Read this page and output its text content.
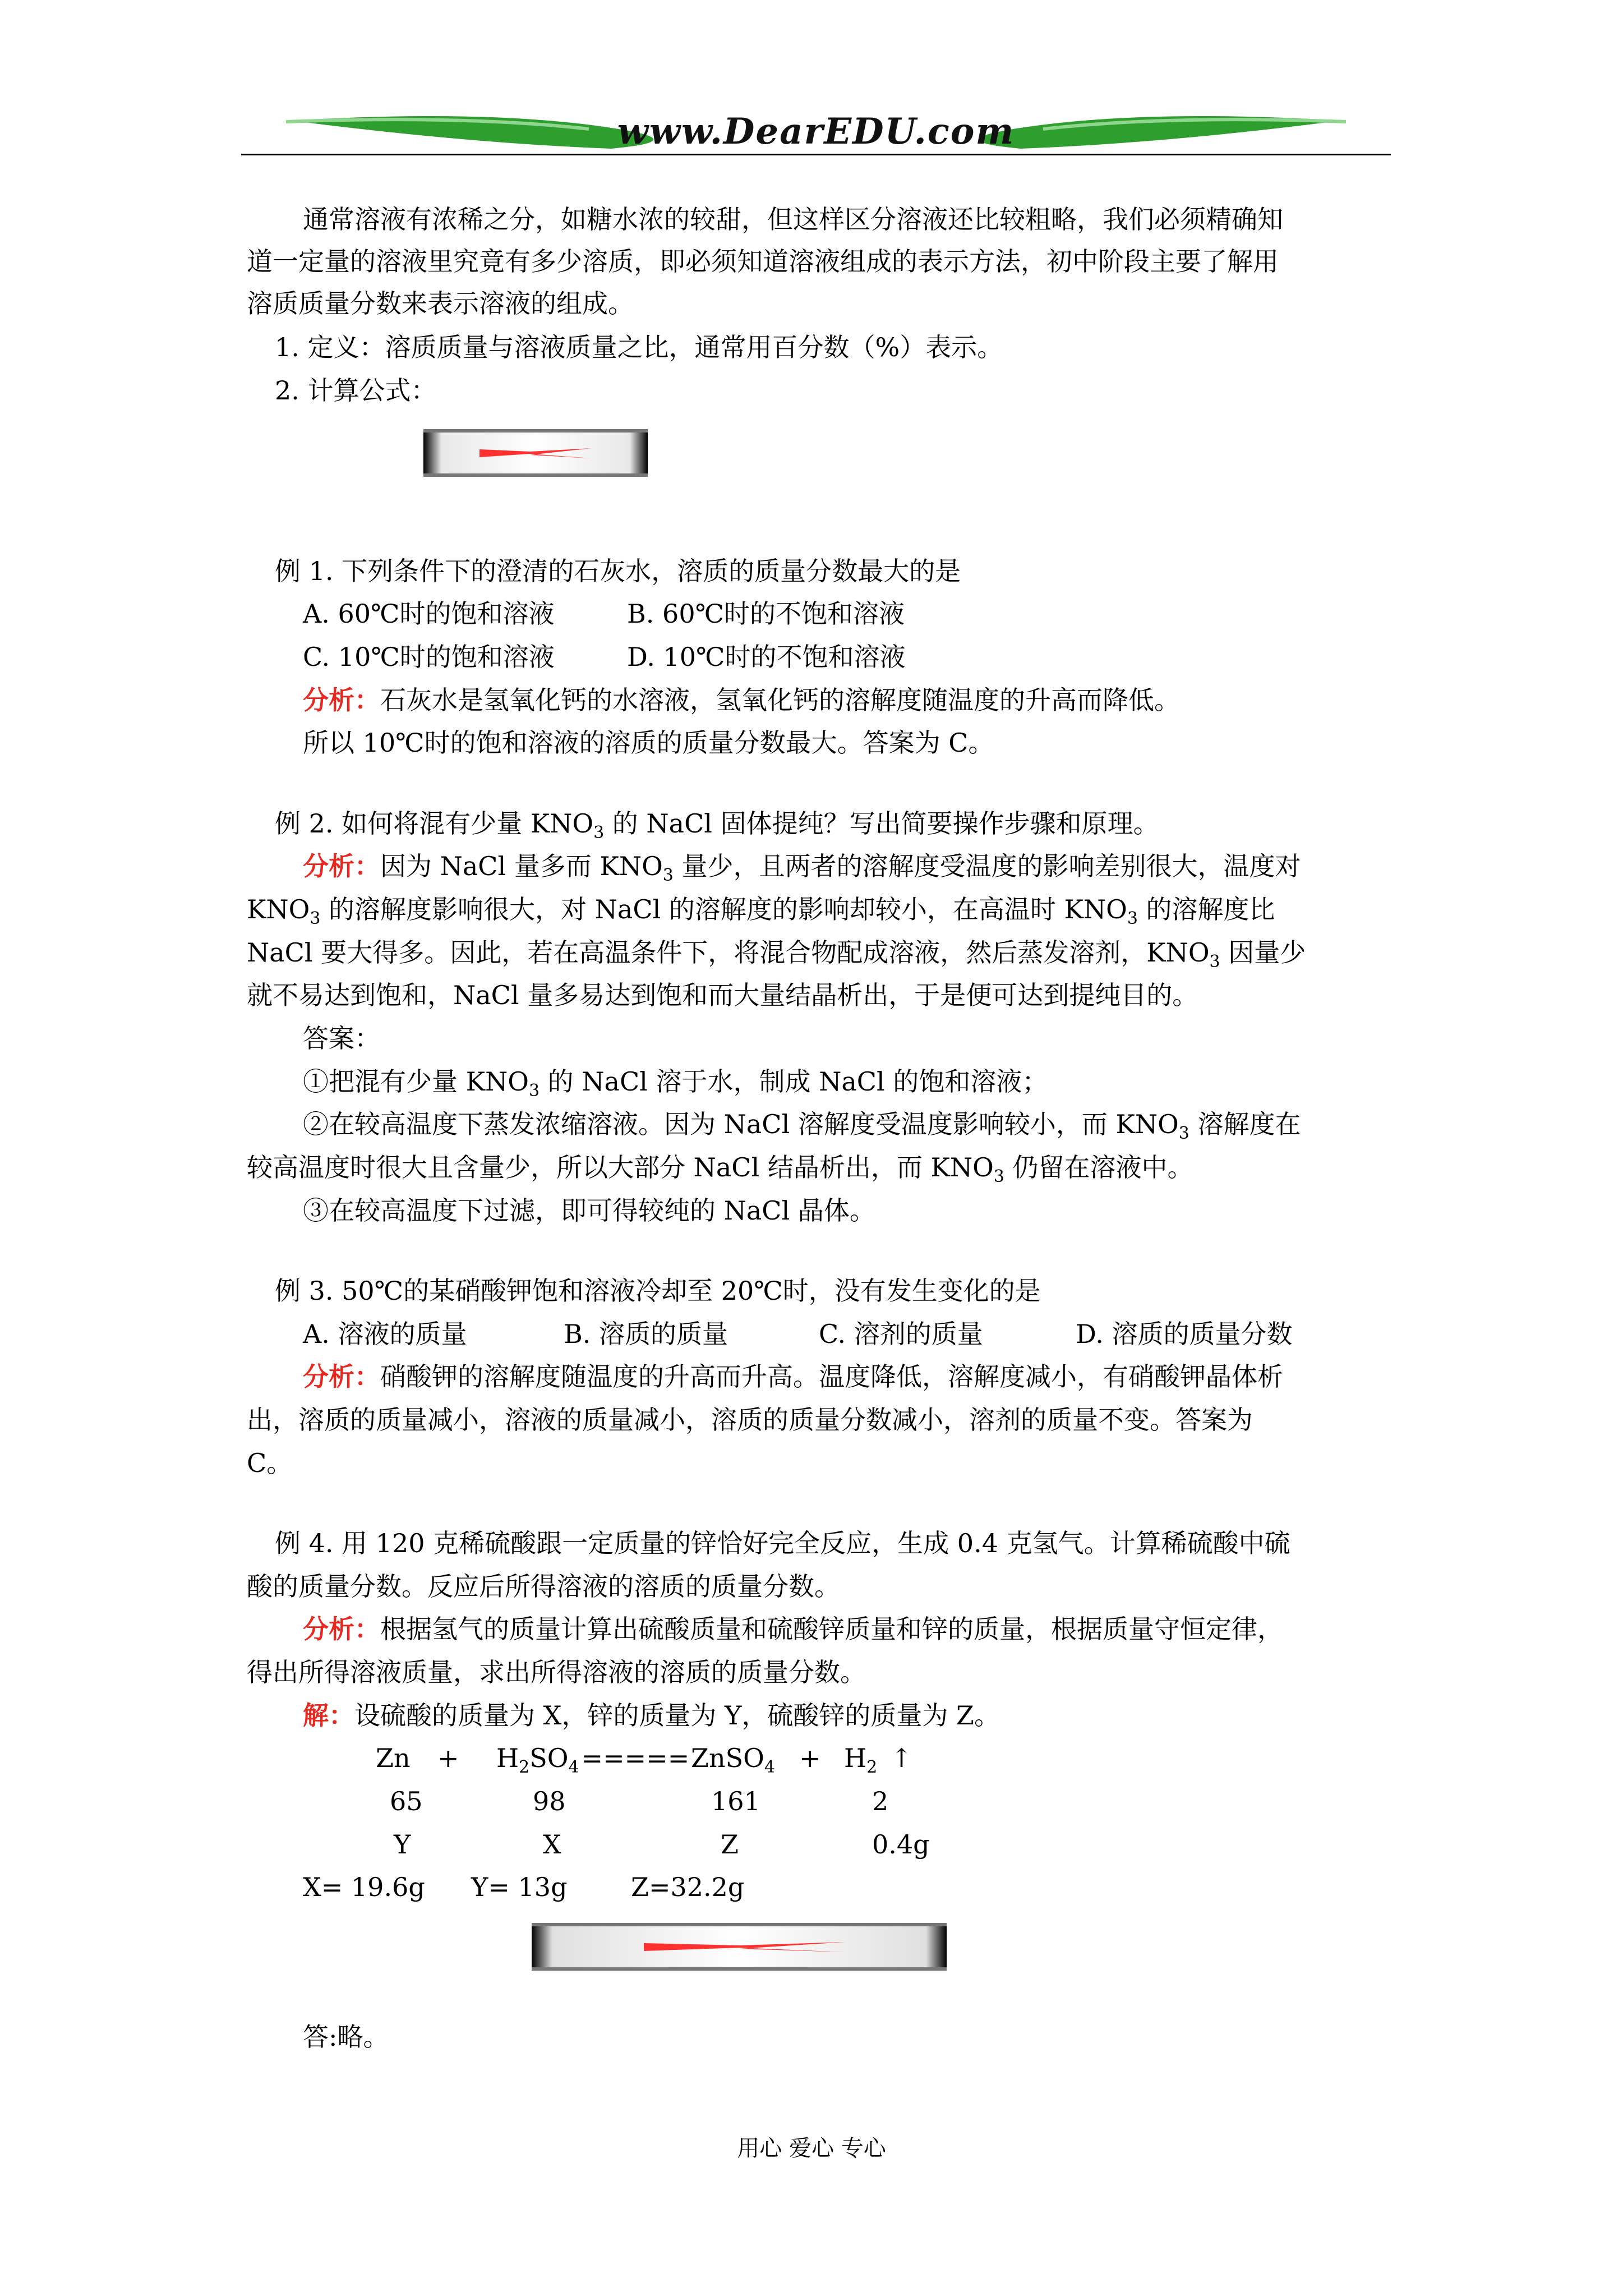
www.DearEDU.com
通常溶液有浓稀之分，如糖水浓的较甜，但这样区分溶液还比较粗略，我们必须精确知
道一定量的溶液里究竟有多少溶质，即必须知道溶液组成的表示方法，初中阶段主要了解用
溶质质量分数来表示溶液的组成。
1. 定义：溶质质量与溶液质量之比，通常用百分数（%）表示。
2. 计算公式：
例 1. 下列条件下的澄清的石灰水，溶质的质量分数最大的是
A. 60℃时的饱和溶液	B. 60℃时的不饱和溶液
C. 10℃时的饱和溶液	D. 10℃时的不饱和溶液
分析：石灰水是氢氧化钙的水溶液，氢氧化钙的溶解度随温度的升高而降低。
所以 10℃时的饱和溶液的溶质的质量分数最大。答案为 C。
例 2. 如何将混有少量 $KNO_3$ 的 NaCl 固体提纯？写出简要操作步骤和原理。
分析：因为 NaCl 量多而 $KNO_3$ 量少，且两者的溶解度受温度的影响差别很大，温度对
$KNO_3$ 的溶解度影响很大，对 NaCl 的溶解度的影响却较小，在高温时 $KNO_3$ 的溶解度比
NaCl 要大得多。因此，若在高温条件下，将混合物配成溶液，然后蒸发溶剂，$KNO_3$ 因量少
就不易达到饱和，NaCl 量多易达到饱和而大量结晶析出，于是便可达到提纯目的。
答案：
①把混有少量 $KNO_3$ 的 NaCl 溶于水，制成 NaCl 的饱和溶液；
②在较高温度下蒸发浓缩溶液。因为 NaCl 溶解度受温度影响较小，而 $KNO_3$ 溶解度在
较高温度时很大且含量少，所以大部分 NaCl 结晶析出，而 $KNO_3$ 仍留在溶液中。
③在较高温度下过滤，即可得较纯的 NaCl 晶体。
例 3. 50℃的某硝酸钾饱和溶液冷却至 20℃时，没有发生变化的是
A. 溶液的质量	B. 溶质的质量	C. 溶剂的质量	D. 溶质的质量分数
分析：硝酸钾的溶解度随温度的升高而升高。温度降低，溶解度减小，有硝酸钾晶体析
出，溶质的质量减小，溶液的质量减小，溶质的质量分数减小，溶剂的质量不变。答案为
C。
例 4. 用 120 克稀硫酸跟一定质量的锌恰好完全反应，生成 0.4 克氢气。计算稀硫酸中硫
酸的质量分数。反应后所得溶液的溶质的质量分数。
分析：根据氢气的质量计算出硫酸质量和硫酸锌质量和锌的质量，根据质量守恒定律，
得出所得溶液质量，求出所得溶液的溶质的质量分数。
解：设硫酸的质量为 X，锌的质量为 Y，硫酸锌的质量为 Z。
$Zn + H_2SO_4=====$ ZnSO$_4$ + $H_2$ ↑
65	98	161	2
Y	X	Z	0.4g
X= 19.6g Y= 13g Z=32.2g
答:略。
用心 爱心 专心
